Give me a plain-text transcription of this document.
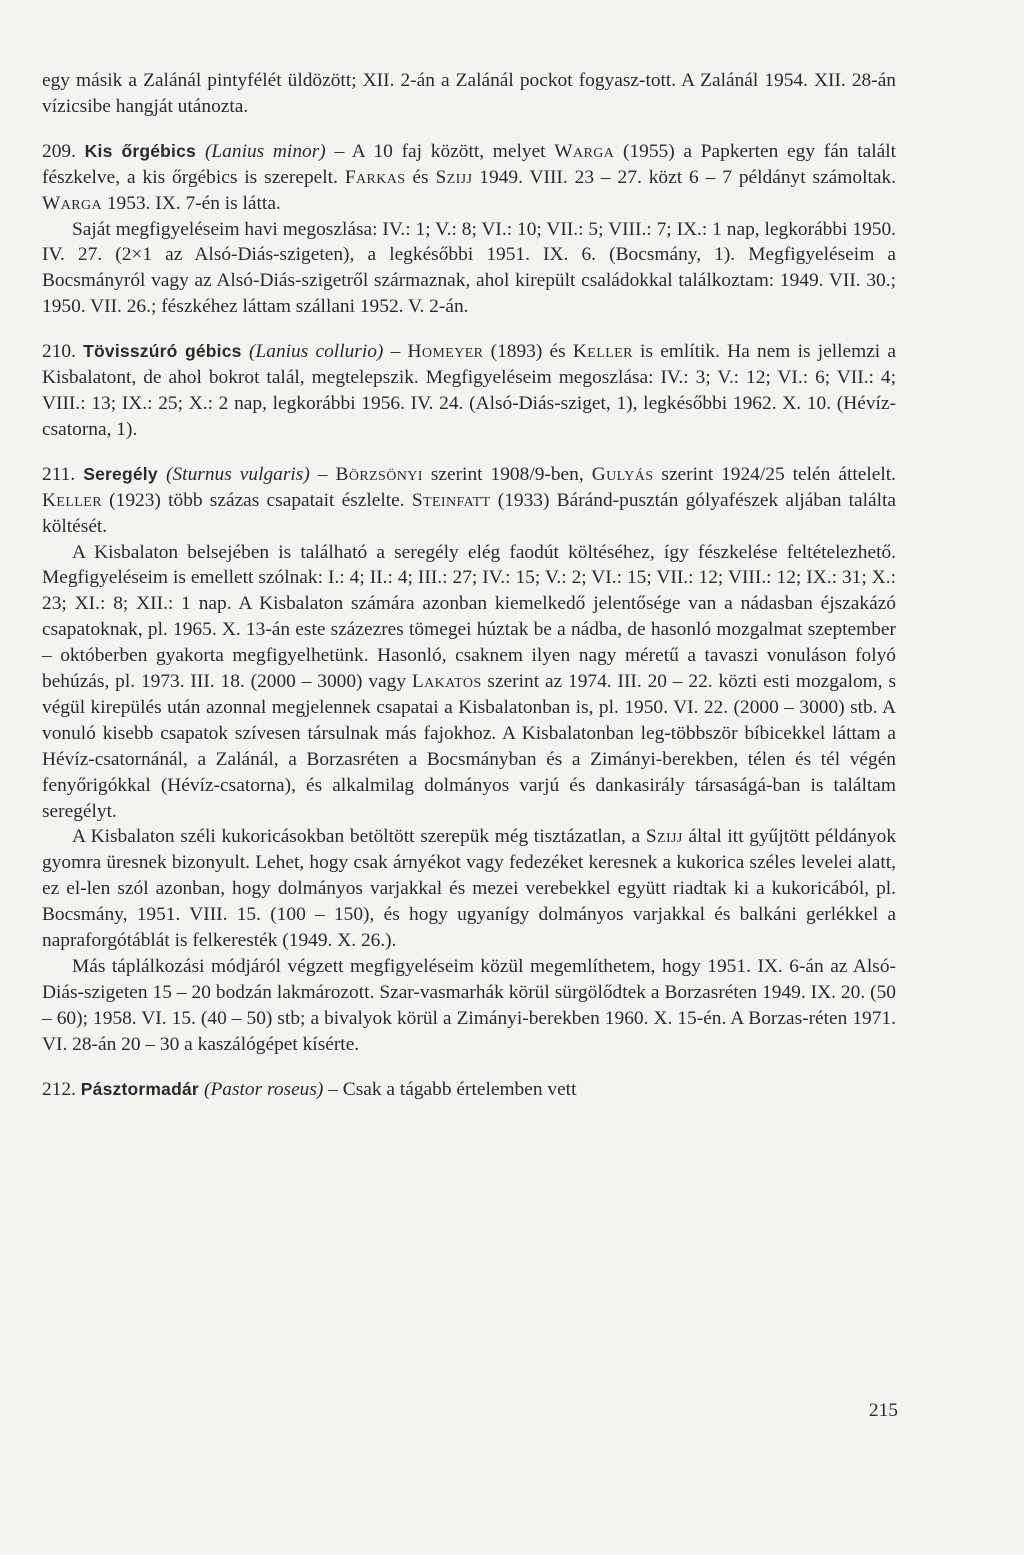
egy másik a Zalánál pintyfélét üldözött; XII. 2-án a Zalánál pockot fogyasz-tott. A Zalánál 1954. XII. 28-án vízicsibe hangját utánozta.

209. Kis őrgébics (Lanius minor) – A 10 faj között, melyet Warga (1955) a Papkerten egy fán talált fészkelve, a kis őrgébics is szerepelt. Farkas és Szijj 1949. VIII. 23 – 27. közt 6 – 7 példányt számoltak. Warga 1953. IX. 7-én is látta.

Saját megfigyeléseim havi megoszlása: IV.: 1; V.: 8; VI.: 10; VII.: 5; VIII.: 7; IX.: 1 nap, legkorábbi 1950. IV. 27. (2×1 az Alsó-Diás-szigeten), a legkésőbbi 1951. IX. 6. (Bocsmány, 1). Megfigyeléseim a Bocsmányról vagy az Alsó-Diás-szigetről származnak, ahol kirepült családokkal találkoztam: 1949. VII. 30.; 1950. VII. 26.; fészkéhez láttam szállani 1952. V. 2-án.

210. Tövisszúró gébics (Lanius collurio) – Homeyer (1893) és Keller is említik. Ha nem is jellemzi a Kisbalatont, de ahol bokrot talál, megtelepszik. Megfigyeléseim megoszlása: IV.: 3; V.: 12; VI.: 6; VII.: 4; VIII.: 13; IX.: 25; X.: 2 nap, legkorábbi 1956. IV. 24. (Alsó-Diás-sziget, 1), legkésőbbi 1962. X. 10. (Hévíz-csatorna, 1).

211. Seregély (Sturnus vulgaris) – Börzsönyi szerint 1908/9-ben, Gulyás szerint 1924/25 telén áttelelt. Keller (1923) több százas csapatait észlelte. Steinfatt (1933) Báránd-pusztán gólyafészek aljában találta költését.

A Kisbalaton belsejében is található a seregély elég faodút költéséhez, így fészkelése feltételezhető. Megfigyeléseim is emellett szólnak: I.: 4; II.: 4; III.: 27; IV.: 15; V.: 2; VI.: 15; VII.: 12; VIII.: 12; IX.: 31; X.: 23; XI.: 8; XII.: 1 nap. A Kisbalaton számára azonban kiemelkedő jelentősége van a nádasban éjszakázó csapatoknak, pl. 1965. X. 13-án este százezres tömegei húztak be a nádba, de hasonló mozgalmat szeptember – októberben gyakorta megfigyelhetünk. Hasonló, csaknem ilyen nagy méretű a tavaszi vonuláson folyó behúzás, pl. 1973. III. 18. (2000 – 3000) vagy Lakatos szerint az 1974. III. 20 – 22. közti esti mozgalom, s végül kirepülés után azonnal megjelennek csapatai a Kisbalatonban is, pl. 1950. VI. 22. (2000 – 3000) stb. A vonuló kisebb csapatok szívesen társulnak más fajokhoz. A Kisbalatonban leg-többször bíbicekkel láttam a Hévíz-csatornánál, a Zalánál, a Borzasréten a Bocsmányban és a Zimányi-berekben, télen és tél végén fenyőrigókkal (Hévíz-csatorna), és alkalmilag dolmányos varjú és dankasirály társaságá-ban is találtam seregélyt.

A Kisbalaton széli kukoricásokban betöltött szerepük még tisztázatlan, a Szijj által itt gyűjtött példányok gyomra üresnek bizonyult. Lehet, hogy csak árnyékot vagy fedezéket keresnek a kukorica széles levelei alatt, ez el-len szól azonban, hogy dolmányos varjakkal és mezei verebekkel együtt riadtak ki a kukoricából, pl. Bocsmány, 1951. VIII. 15. (100 – 150), és hogy ugyanígy dolmányos varjakkal és balkáni gerlékkel a napraforgótáblát is felkeresték (1949. X. 26.).

Más táplálkozási módjáról végzett megfigyeléseim közül megemlíthetem, hogy 1951. IX. 6-án az Alsó-Diás-szigeten 15 – 20 bodzán lakmározott. Szar-vasmarhák körül sürgölődtek a Borzasréten 1949. IX. 20. (50 – 60); 1958. VI. 15. (40 – 50) stb; a bivalyok körül a Zimányi-berekben 1960. X. 15-én. A Borzas-réten 1971. VI. 28-án 20 – 30 a kaszálógépet kísérte.

212. Pásztormadár (Pastor roseus) – Csak a tágabb értelemben vett

215
